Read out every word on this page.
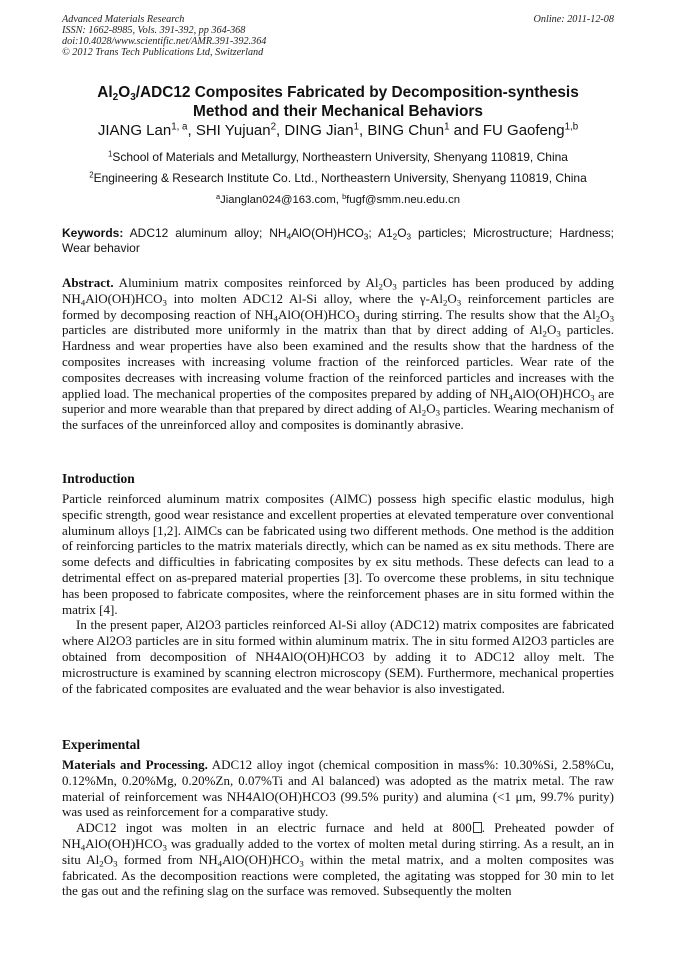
Advanced Materials Research
ISSN: 1662-8985, Vols. 391-392, pp 364-368
doi:10.4028/www.scientific.net/AMR.391-392.364
© 2012 Trans Tech Publications Ltd, Switzerland
Online: 2011-12-08
$Al_2O_3/ADC12$ Composites Fabricated by Decomposition-synthesis
Method and their Mechanical Behaviors
JIANG Lan$^{1, a}$, SHI Yujuan$^2$, DING Jian$^1$, BING Chun$^1$ and FU Gaofeng$^{1,b}$
$^1$School of Materials and Metallurgy, Northeastern University, Shenyang 110819, China
$^2$Engineering & Research Institute Co. Ltd., Northeastern University, Shenyang 110819, China
$^a$Jianglan024@163.com, $^b$fugf@smm.neu.edu.cn
Keywords: ADC12 aluminum alloy; $NH_4AlO(OH)HCO_3$; $A1_2O_3$ particles; Microstructure; Hardness; Wear behavior
Abstract. Aluminium matrix composites reinforced by $Al_2O_3$ particles has been produced by adding $NH_4AlO(OH)HCO_3$ into molten ADC12 Al-Si alloy, where the $\gamma-Al_2O_3$ reinforcement particles are formed by decomposing reaction of $NH_4AlO(OH)HCO_3$ during stirring. The results show that the $Al_2O_3$ particles are distributed more uniformly in the matrix than that by direct adding of $Al_2O_3$ particles. Hardness and wear properties have also been examined and the results show that the hardness of the composites increases with increasing volume fraction of the reinforced particles. Wear rate of the composites decreases with increasing volume fraction of the reinforced particles and increases with the applied load. The mechanical properties of the composites prepared by adding of $NH_4AlO(OH)HCO_3$ are superior and more wearable than that prepared by direct adding of $Al_2O_3$ particles. Wearing mechanism of the surfaces of the unreinforced alloy and composites is dominantly abrasive.
Introduction

Particle reinforced aluminum matrix composites (AlMC) possess high specific elastic modulus, high specific strength, good wear resistance and excellent properties at elevated temperature over conventional aluminum alloys [1,2]. AlMCs can be fabricated using two different methods. One method is the addition of reinforcing particles to the matrix materials directly, which can be named as ex situ methods. There are some defects and difficulties in fabricating composites by ex situ methods. These defects can lead to a detrimental effect on as-prepared material properties [3]. To overcome these problems, in situ technique has been proposed to fabricate composites, where the reinforcement phases are in situ formed within the matrix [4].

In the present paper, Al2O3 particles reinforced Al-Si alloy (ADC12) matrix composites are fabricated where Al2O3 particles are in situ formed within aluminum matrix. The in situ formed Al2O3 particles are obtained from decomposition of NH4AlO(OH)HCO3 by adding it to ADC12 alloy melt. The microstructure is examined by scanning electron microscopy (SEM). Furthermore, mechanical properties of the fabricated composites are evaluated and the wear behavior is also investigated.

Experimental

Materials and Processing. ADC12 alloy ingot (chemical composition in mass%: 10.30%Si, 2.58%Cu, 0.12%Mn, 0.20%Mg, 0.20%Zn, 0.07%Ti and Al balanced) was adopted as the matrix metal. The raw material of reinforcement was NH4AlO(OH)HCO3 (99.5% purity) and alumina (<1 μm, 99.7% purity) was used as reinforcement for a comparative study.

ADC12 ingot was molten in an electric furnace and held at 800 . Preheated powder of $NH_4AlO(OH)HCO_3$ was gradually added to the vortex of molten metal during stirring. As a result, an in situ $Al_2O_3$ formed from $NH_4AlO(OH)HCO_3$ within the metal matrix, and a molten composites was fabricated. As the decomposition reactions were completed, the agitating was stopped for 30 min to let the gas out and the refining slag on the surface was removed. Subsequently the molten
